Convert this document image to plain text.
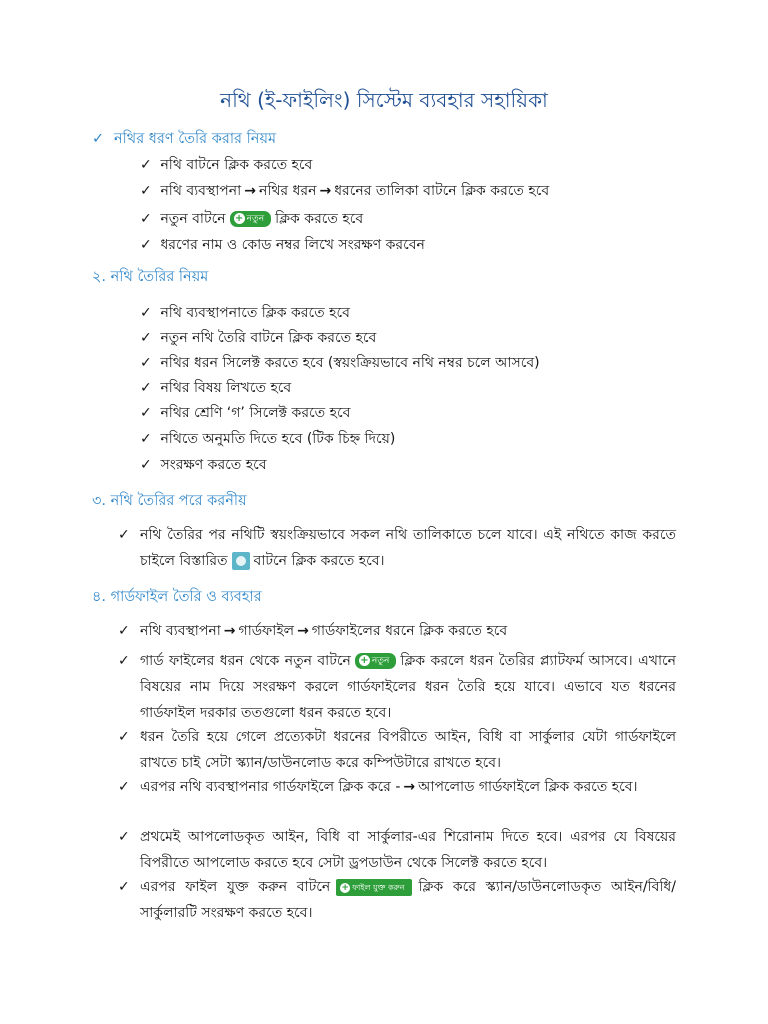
নথি (ই-ফাইলিং) সিস্টেম ব্যবহার সহায়িকা
✓ নথির ধরণ তৈরি করার নিয়ম
✓ নথি বাটনে ক্লিক করতে হবে
✓ নথি ব্যবস্থাপনা → নথির ধরন → ধরনের তালিকা বাটনে ক্লিক করতে হবে
✓ নতুন বাটনে + নতুন ক্লিক করতে হবে
✓ ধরণের নাম ও কোড নম্বর লিখে সংরক্ষণ করবেন
২. নথি তৈরির নিয়ম
✓ নথি ব্যবস্থাপনাতে ক্লিক করতে হবে
✓ নতুন নথি তৈরি বাটনে ক্লিক করতে হবে
✓ নথির ধরন সিলেক্ট করতে হবে (স্বয়ংক্রিয়ভাবে নথি নম্বর চলে আসবে)
✓ নথির বিষয় লিখতে হবে
✓ নথির শ্রেণি ‘গ’ সিলেক্ট করতে হবে
✓ নথিতে অনুমতি দিতে হবে (টিক চিহ্ন দিয়ে)
✓ সংরক্ষণ করতে হবে
৩. নথি তৈরির পরে করনীয়
✓ নথি তৈরির পর নথিটি স্বয়ংক্রিয়ভাবে সকল নথি তালিকাতে চলে যাবে। এই নথিতে কাজ করতে চাইলে বিস্তারিত বাটনে ক্লিক করতে হবে।
৪. গার্ডফাইল তৈরি ও ব্যবহার
✓ নথি ব্যবস্থাপনা → গার্ডফাইল → গার্ডফাইলের ধরনে ক্লিক করতে হবে
✓ গার্ড ফাইলের ধরন থেকে নতুন বাটনে + নতুন ক্লিক করলে ধরন তৈরির প্ল্যাটফর্ম আসবে। এখানে বিষয়ের নাম দিয়ে সংরক্ষণ করলে গার্ডফাইলের ধরন তৈরি হয়ে যাবে। এভাবে যত ধরনের গার্ডফাইল দরকার ততগুলো ধরন করতে হবে।
✓ ধরন তৈরি হয়ে গেলে প্রত্যেকটা ধরনের বিপরীতে আইন, বিধি বা সার্কুলার যেটা গার্ডফাইলে রাখতে চাই সেটা স্ক্যান/ডাউনলোড করে কম্পিউটারে রাখতে হবে।
✓ এরপর নথি ব্যবস্থাপনার গার্ডফাইলে ক্লিক করে - → আপলোড গার্ডফাইলে ক্লিক করতে হবে।
✓ প্রথমেই আপলোডকৃত আইন, বিধি বা সার্কুলার-এর শিরোনাম দিতে হবে। এরপর যে বিষয়ের বিপরীতে আপলোড করতে হবে সেটা ড্রপডাউন থেকে সিলেক্ট করতে হবে।
✓ এরপর ফাইল যুক্ত করুন বাটনে + ফাইল যুক্ত করুন ক্লিক করে স্ক্যান/ডাউনলোডকৃত আইন/বিধি/সার্কুলারটি সংরক্ষণ করতে হবে।
